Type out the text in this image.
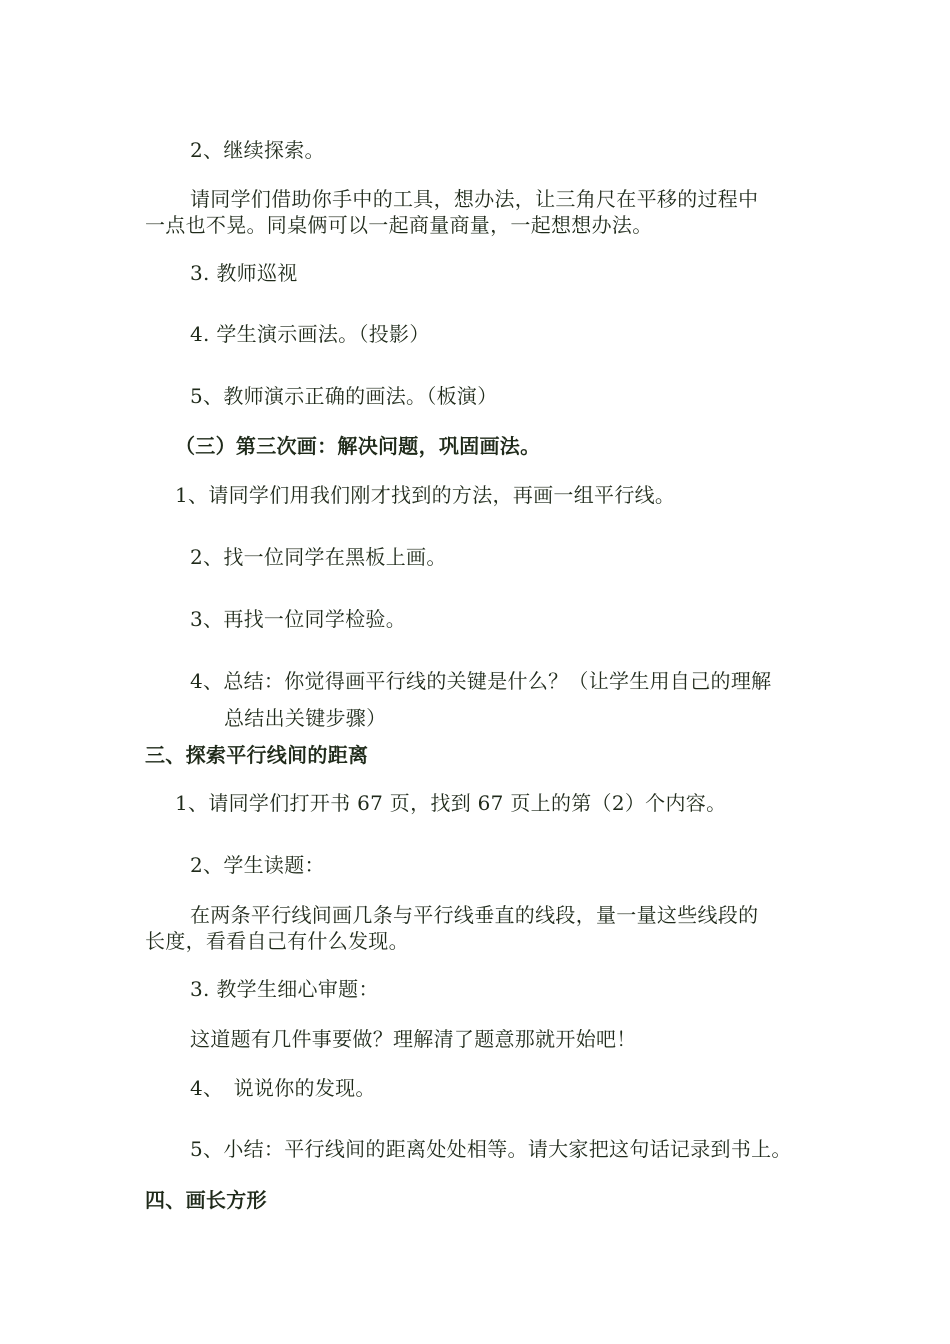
2、继续探索。
请同学们借助你手中的工具，想办法，让三角尺在平移的过程中
一点也不晃。同桌俩可以一起商量商量，一起想想办法。
3. 教师巡视
4. 学生演示画法。（投影）
5、教师演示正确的画法。（板演）
（三）第三次画：解决问题，巩固画法。
1、请同学们用我们刚才找到的方法，再画一组平行线。
2、找一位同学在黑板上画。
3、再找一位同学检验。
4、总结：你觉得画平行线的关键是什么？（让学生用自己的理解
总结出关键步骤）
三、探索平行线间的距离
1、请同学们打开书 67 页，找到 67 页上的第（2）个内容。
2、学生读题：
在两条平行线间画几条与平行线垂直的线段，量一量这些线段的
长度，看看自己有什么发现。
3. 教学生细心审题：
这道题有几件事要做？理解清了题意那就开始吧！
4、　说说你的发现。
5、小结：平行线间的距离处处相等。请大家把这句话记录到书上。
四、画长方形
